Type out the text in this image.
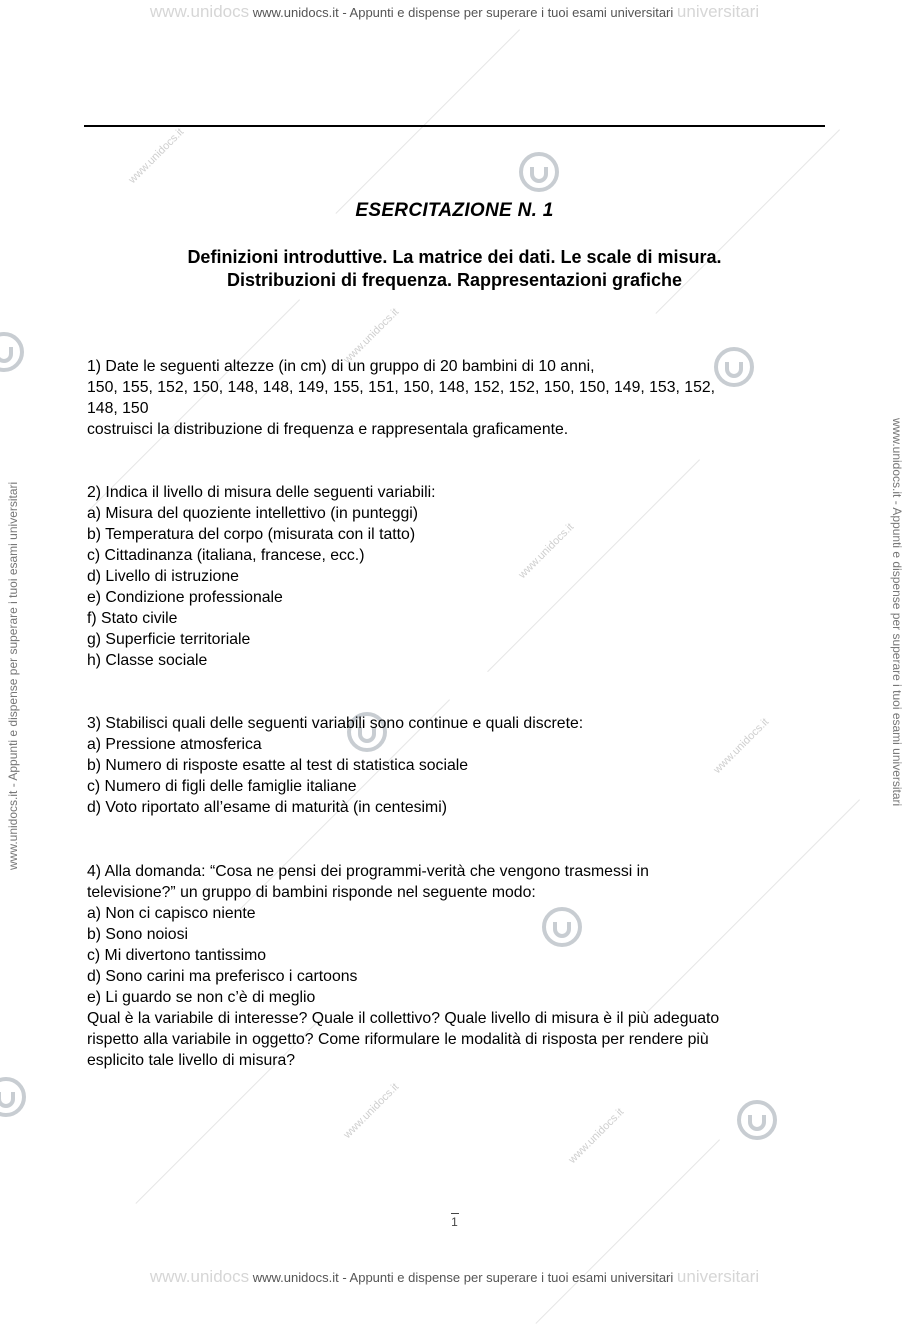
www.unidocs.it
www.unidocs.it
www.unidocs.it
www.unidocs.it
www.unidocs.it	www.unidocs.it
www.unidocs www.unidocs.it - Appunti e dispense per superare i tuoi esami universitari universitari
www.unidocs www.unidocs.it - Appunti e dispense per superare i tuoi esami universitari universitari
www.unidocs.it - Appunti e dispense per superare i tuoi esami universitari	www.unidocs.it - Appunti e dispense per superare i tuoi esami universitari
ESERCITAZIONE N. 1
Definizioni introduttive. La matrice dei dati. Le scale di misura.
Distribuzioni di frequenza. Rappresentazioni grafiche
1) Date le seguenti altezze (in cm) di un gruppo di 20 bambini di 10 anni,
150, 155, 152, 150, 148, 148, 149, 155, 151, 150, 148, 152, 152, 150, 150, 149, 153, 152,
148, 150
costruisci la distribuzione di frequenza e rappresentala graficamente.
2) Indica il livello di misura delle seguenti variabili:
a) Misura del quoziente intellettivo (in punteggi)
b) Temperatura del corpo (misurata con il tatto)
c) Cittadinanza (italiana, francese, ecc.)
d) Livello di istruzione
e) Condizione professionale
f) Stato civile
g) Superficie territoriale
h) Classe sociale
3) Stabilisci quali delle seguenti variabili sono continue e quali discrete:
a) Pressione atmosferica
b) Numero di risposte esatte al test di statistica sociale
c) Numero di figli delle famiglie italiane
d) Voto riportato all’esame di maturità (in centesimi)
4) Alla domanda: “Cosa ne pensi dei programmi-verità che vengono trasmessi in
televisione?” un gruppo di bambini risponde nel seguente modo:
a) Non ci capisco niente
b) Sono noiosi
c) Mi divertono tantissimo
d) Sono carini ma preferisco i cartoons
e) Li guardo se non c’è di meglio
Qual è la variabile di interesse? Quale il collettivo? Quale livello di misura è il più adeguato
rispetto alla variabile in oggetto? Come riformulare le modalità di risposta per rendere più
esplicito tale livello di misura?
1
